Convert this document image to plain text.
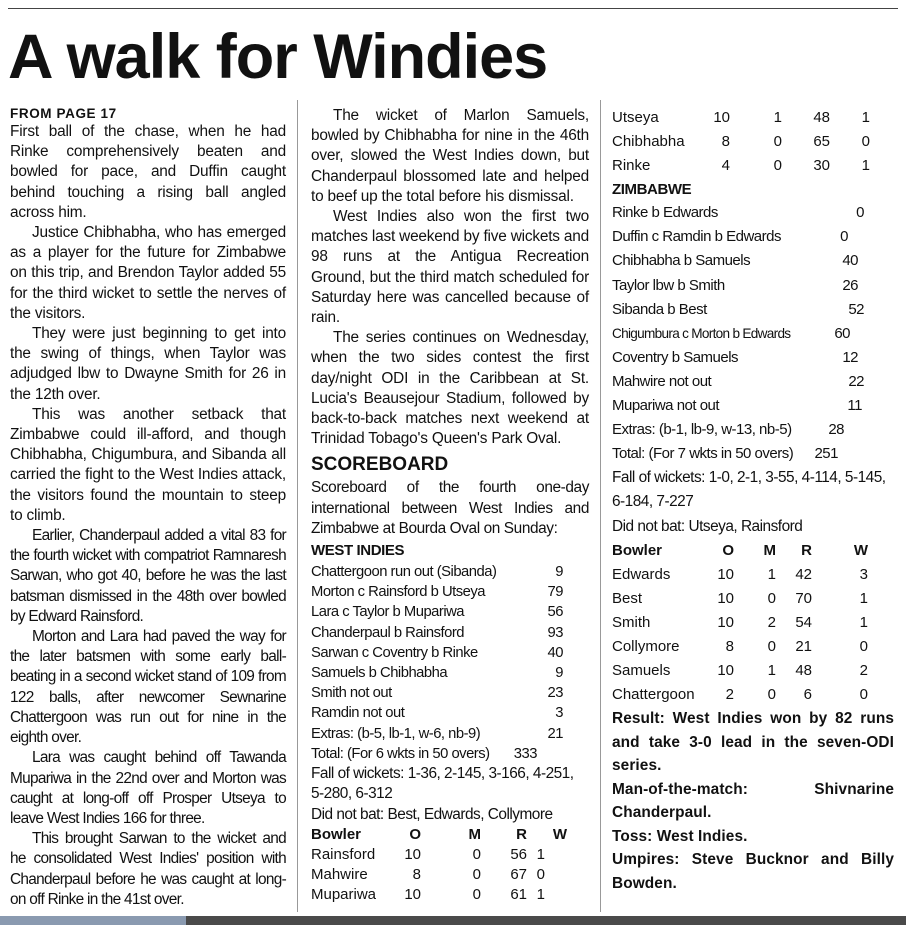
A walk for Windies

FROM PAGE 17

First ball of the chase, when he had Rinke comprehensively beaten and bowled for pace, and Duffin caught behind touching a rising ball angled across him.

Justice Chibhabha, who has emerged as a player for the future for Zimbabwe on this trip, and Brendon Taylor added 55 for the third wicket to settle the nerves of the visitors.

They were just beginning to get into the swing of things, when Taylor was adjudged lbw to Dwayne Smith for 26 in the 12th over.

This was another setback that Zimbabwe could ill-afford, and though Chibhabha, Chigumbura, and Sibanda all carried the fight to the West Indies attack, the visitors found the mountain to steep to climb.

Earlier, Chanderpaul added a vital 83 for the fourth wicket with compatriot Ramnaresh Sarwan, who got 40, before he was the last batsman dismissed in the 48th over bowled by Edward Rainsford.

Morton and Lara had paved the way for the later batsmen with some early ball-beating in a second wicket stand of 109 from 122 balls, after newcomer Sewnarine Chattergoon was run out for nine in the eighth over.

Lara was caught behind off Tawanda Mupariwa in the 22nd over and Morton was caught at long-off off Prosper Utseya to leave West Indies 166 for three.

This brought Sarwan to the wicket and he consolidated West Indies' position with Chanderpaul before he was caught at long-on off Rinke in the 41st over.

The wicket of Marlon Samuels, bowled by Chibhabha for nine in the 46th over, slowed the West Indies down, but Chanderpaul blossomed late and helped to beef up the total before his dismissal.

West Indies also won the first two matches last weekend by five wickets and 98 runs at the Antigua Recreation Ground, but the third match scheduled for Saturday here was cancelled because of rain.

The series continues on Wednesday, when the two sides contest the first day/night ODI in the Caribbean at St. Lucia's Beausejour Stadium, followed by back-to-back matches next weekend at Trinidad Tobago's Queen's Park Oval.

SCOREBOARD

Scoreboard of the fourth one-day international between West Indies and Zimbabwe at Bourda Oval on Sunday:

WEST INDIES
Chattergoon run out (Sibanda)	9
Morton c Rainsford b Utseya	79
Lara c Taylor b Mupariwa	56
Chanderpaul b Rainsford	93
Sarwan c Coventry b Rinke	40
Samuels b Chibhabha	9
Smith not out	23
Ramdin not out	3
Extras: (b-5, lb-1, w-6, nb-9)	21
Total: (For 6 wkts in 50 overs)	333

Fall of wickets: 1-36, 2-145, 3-166, 4-251, 5-280, 6-312

Did not bat: Best, Edwards, Collymore

Bowler	O	M	R	W
Rainsford	10	0	56	1
Mahwire	8	0	67	0
Mupariwa	10	0	61	1
Utseya	10	1	48	1
Chibhabha	8	0	65	0
Rinke	4	0	30	1
ZIMBABWE
Rinke b Edwards	0
Duffin c Ramdin b Edwards	0
Chibhabha b Samuels	40
Taylor lbw b Smith	26
Sibanda b Best	52
Chigumbura c Morton b Edwards	60
Coventry b Samuels	12
Mahwire not out	22
Mupariwa not out	11
Extras: (b-1, lb-9, w-13, nb-5)	28
Total: (For 7 wkts in 50 overs)	251

Fall of wickets: 1-0, 2-1, 3-55, 4-114, 5-145, 6-184, 7-227

Did not bat: Utseya, Rainsford

Bowler	O	M	R	W
Edwards	10	1	42	3
Best	10	0	70	1
Smith	10	2	54	1
Collymore	8	0	21	0
Samuels	10	1	48	2
Chattergoon	2	0	6	0

Result: West Indies won by 82 runs and take 3-0 lead in the seven-ODI series.

Man-of-the-match: Shivnarine Chanderpaul.

Toss: West Indies.

Umpires: Steve Bucknor and Billy Bowden.
